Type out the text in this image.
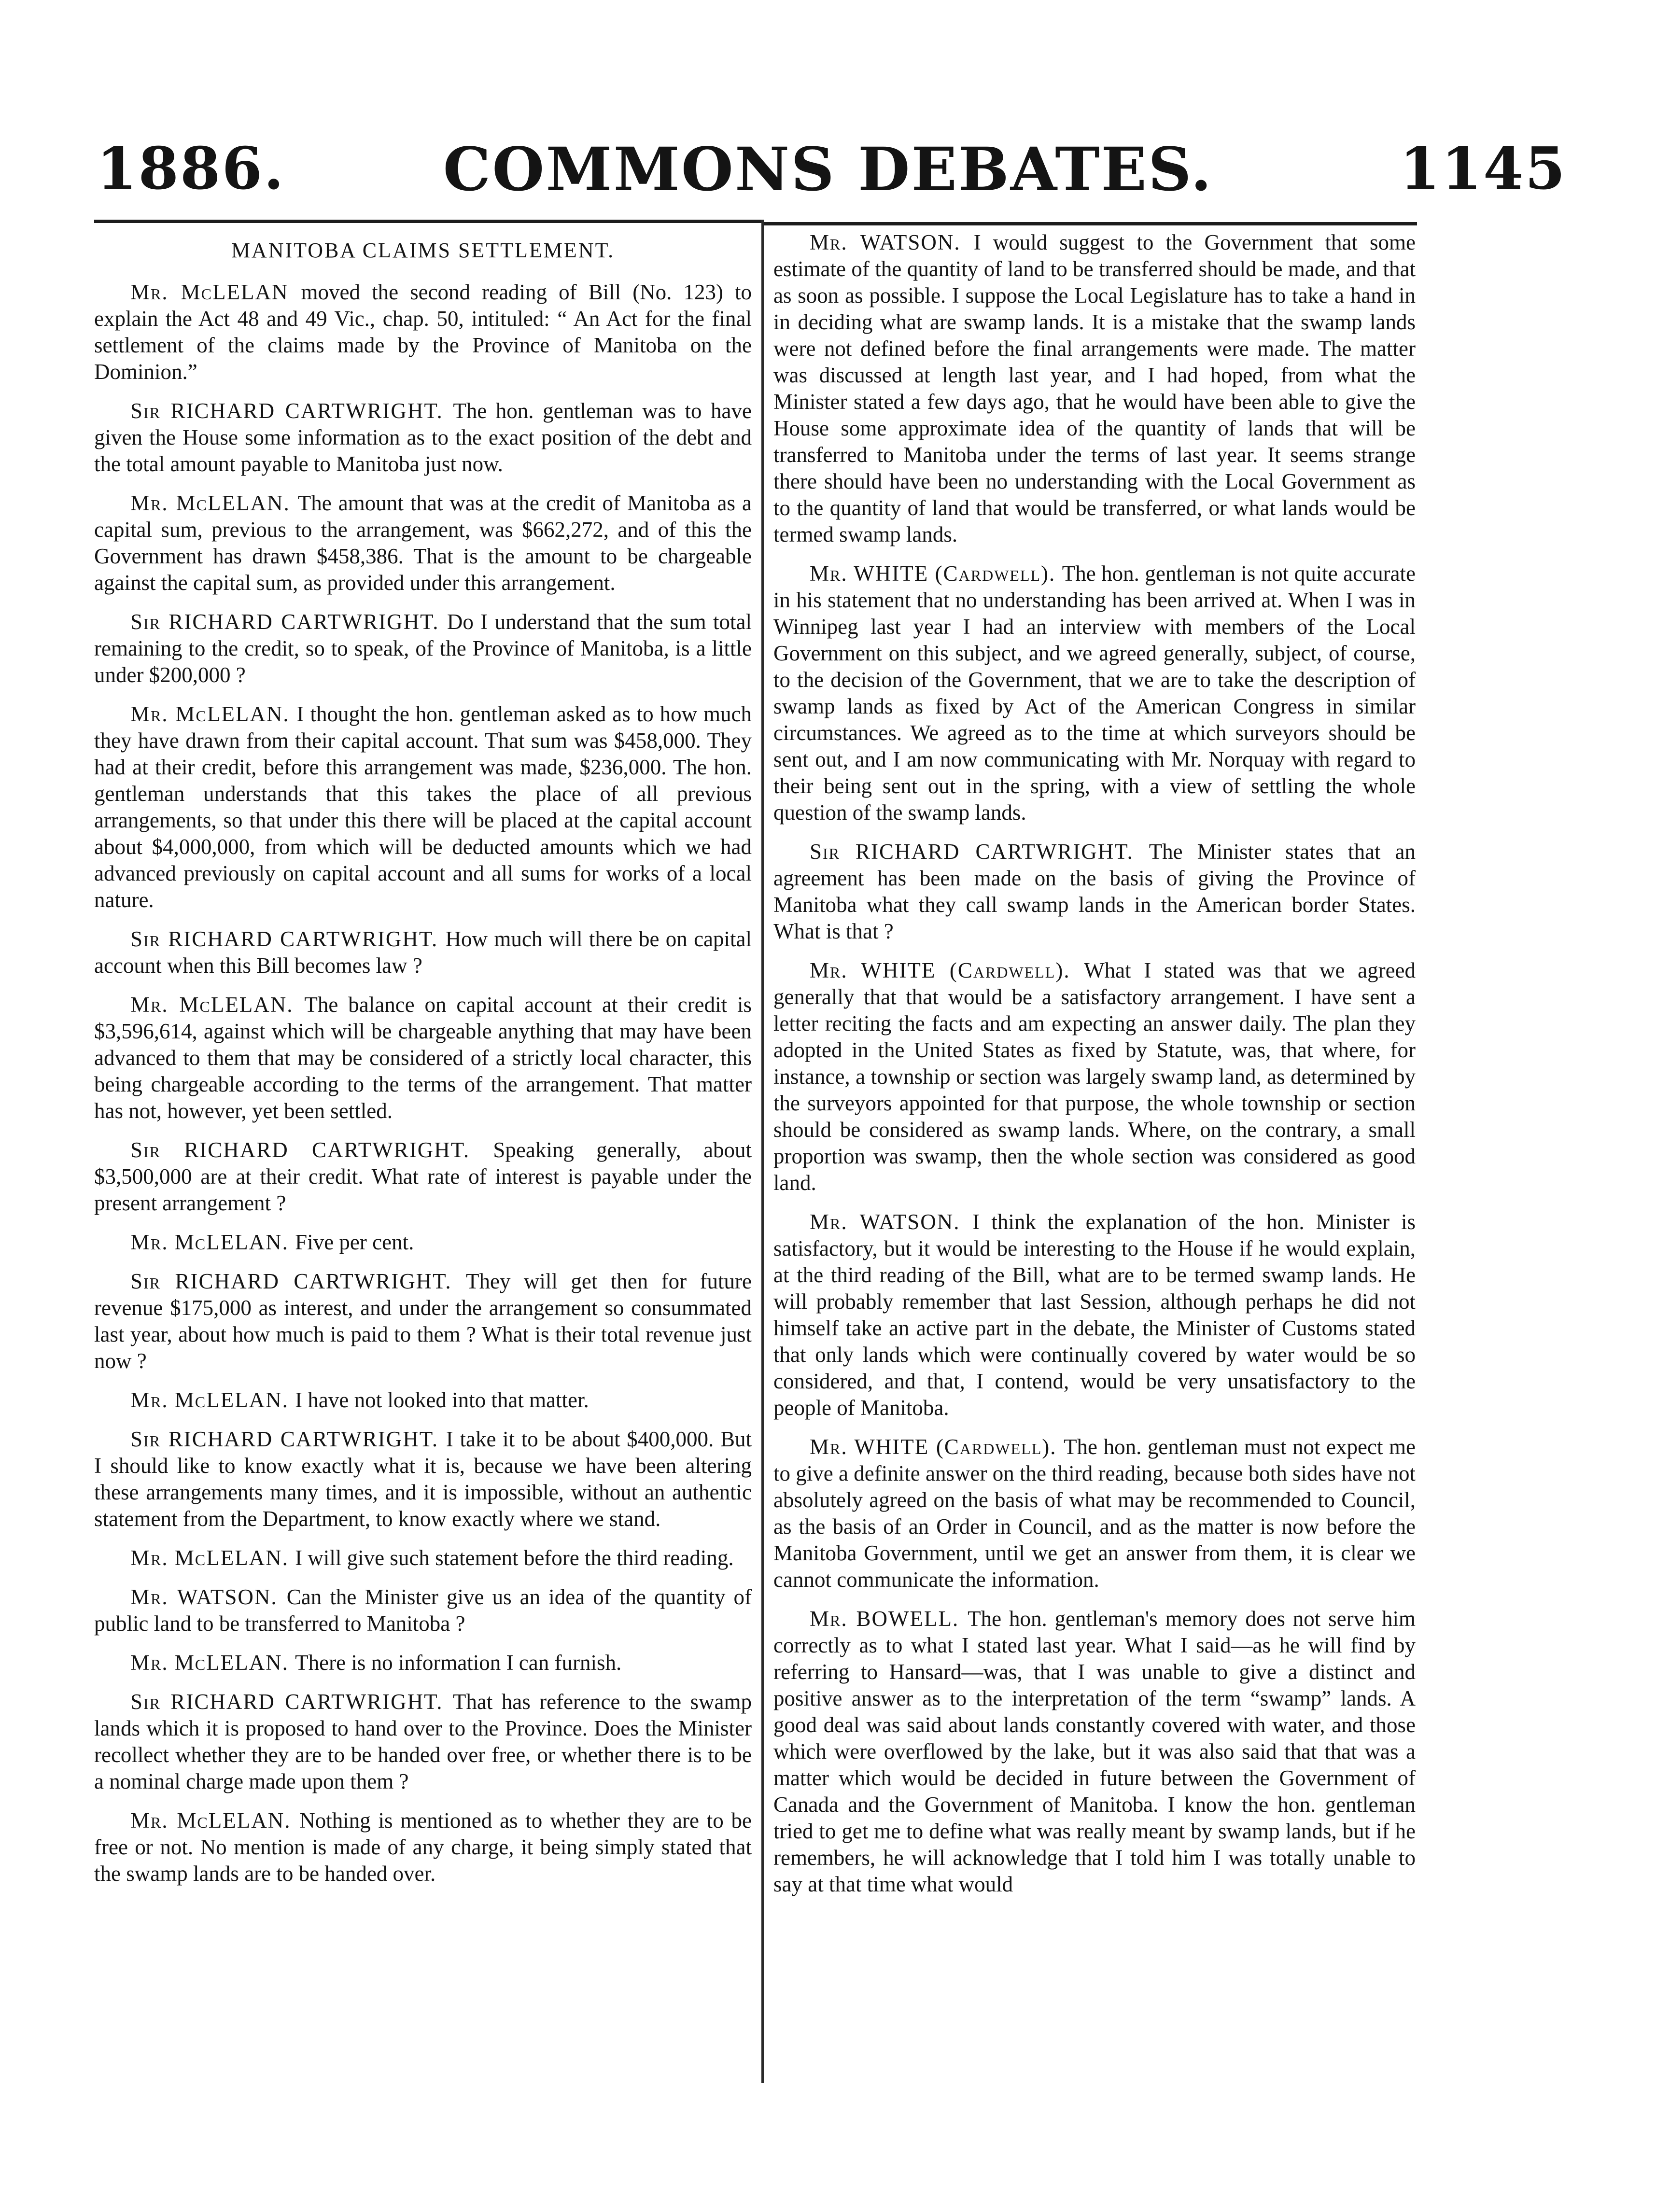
1886.	COMMONS DEBATES.	1145
MANITOBA CLAIMS SETTLEMENT.

Mr. McLELAN moved the second reading of Bill (No. 123) to explain the Act 48 and 49 Vic., chap. 50, intituled: “ An Act for the final settlement of the claims made by the Province of Manitoba on the Dominion.”

Sir RICHARD CARTWRIGHT. The hon. gentleman was to have given the House some information as to the exact position of the debt and the total amount payable to Manitoba just now.

Mr. McLELAN. The amount that was at the credit of Manitoba as a capital sum, previous to the arrangement, was $662,272, and of this the Government has drawn $458,386. That is the amount to be chargeable against the capital sum, as provided under this arrangement.

Sir RICHARD CARTWRIGHT. Do I understand that the sum total remaining to the credit, so to speak, of the Province of Manitoba, is a little under $200,000 ?

Mr. McLELAN. I thought the hon. gentleman asked as to how much they have drawn from their capital account. That sum was $458,000. They had at their credit, before this arrangement was made, $236,000. The hon. gentleman understands that this takes the place of all previous arrangements, so that under this there will be placed at the capital account about $4,000,000, from which will be deducted amounts which we had advanced previously on capital account and all sums for works of a local nature.

Sir RICHARD CARTWRIGHT. How much will there be on capital account when this Bill becomes law ?

Mr. McLELAN. The balance on capital account at their credit is $3,596,614, against which will be chargeable anything that may have been advanced to them that may be considered of a strictly local character, this being chargeable according to the terms of the arrangement. That matter has not, however, yet been settled.

Sir RICHARD CARTWRIGHT. Speaking generally, about $3,500,000 are at their credit. What rate of interest is payable under the present arrangement ?

Mr. McLELAN. Five per cent.

Sir RICHARD CARTWRIGHT. They will get then for future revenue $175,000 as interest, and under the arrangement so consummated last year, about how much is paid to them ? What is their total revenue just now ?

Mr. McLELAN. I have not looked into that matter.

Sir RICHARD CARTWRIGHT. I take it to be about $400,000. But I should like to know exactly what it is, because we have been altering these arrangements many times, and it is impossible, without an authentic statement from the Department, to know exactly where we stand.

Mr. McLELAN. I will give such statement before the third reading.

Mr. WATSON. Can the Minister give us an idea of the quantity of public land to be transferred to Manitoba ?

Mr. McLELAN. There is no information I can furnish.

Sir RICHARD CARTWRIGHT. That has reference to the swamp lands which it is proposed to hand over to the Province. Does the Minister recollect whether they are to be handed over free, or whether there is to be a nominal charge made upon them ?

Mr. McLELAN. Nothing is mentioned as to whether they are to be free or not. No mention is made of any charge, it being simply stated that the swamp lands are to be handed over.

Mr. WATSON. I would suggest to the Government that some estimate of the quantity of land to be transferred should be made, and that as soon as possible. I suppose the Local Legislature has to take a hand in in deciding what are swamp lands. It is a mistake that the swamp lands were not defined before the final arrangements were made. The matter was discussed at length last year, and I had hoped, from what the Minister stated a few days ago, that he would have been able to give the House some approximate idea of the quantity of lands that will be transferred to Manitoba under the terms of last year. It seems strange there should have been no understanding with the Local Government as to the quantity of land that would be transferred, or what lands would be termed swamp lands.

Mr. WHITE (Cardwell). The hon. gentleman is not quite accurate in his statement that no understanding has been arrived at. When I was in Winnipeg last year I had an interview with members of the Local Government on this subject, and we agreed generally, subject, of course, to the decision of the Government, that we are to take the description of swamp lands as fixed by Act of the American Congress in similar circumstances. We agreed as to the time at which surveyors should be sent out, and I am now communicating with Mr. Norquay with regard to their being sent out in the spring, with a view of settling the whole question of the swamp lands.

Sir RICHARD CARTWRIGHT. The Minister states that an agreement has been made on the basis of giving the Province of Manitoba what they call swamp lands in the American border States. What is that ?

Mr. WHITE (Cardwell). What I stated was that we agreed generally that that would be a satisfactory arrangement. I have sent a letter reciting the facts and am expecting an answer daily. The plan they adopted in the United States as fixed by Statute, was, that where, for instance, a township or section was largely swamp land, as determined by the surveyors appointed for that purpose, the whole township or section should be considered as swamp lands. Where, on the contrary, a small proportion was swamp, then the whole section was considered as good land.

Mr. WATSON. I think the explanation of the hon. Minister is satisfactory, but it would be interesting to the House if he would explain, at the third reading of the Bill, what are to be termed swamp lands. He will probably remember that last Session, although perhaps he did not himself take an active part in the debate, the Minister of Customs stated that only lands which were continually covered by water would be so considered, and that, I contend, would be very unsatisfactory to the people of Manitoba.

Mr. WHITE (Cardwell). The hon. gentleman must not expect me to give a definite answer on the third reading, because both sides have not absolutely agreed on the basis of what may be recommended to Council, as the basis of an Order in Council, and as the matter is now before the Manitoba Government, until we get an answer from them, it is clear we cannot communicate the information.

Mr. BOWELL. The hon. gentleman's memory does not serve him correctly as to what I stated last year. What I said—as he will find by referring to Hansard—was, that I was unable to give a distinct and positive answer as to the interpretation of the term “swamp” lands. A good deal was said about lands constantly covered with water, and those which were overflowed by the lake, but it was also said that that was a matter which would be decided in future between the Government of Canada and the Government of Manitoba. I know the hon. gentleman tried to get me to define what was really meant by swamp lands, but if he remembers, he will acknowledge that I told him I was totally unable to say at that time what would
